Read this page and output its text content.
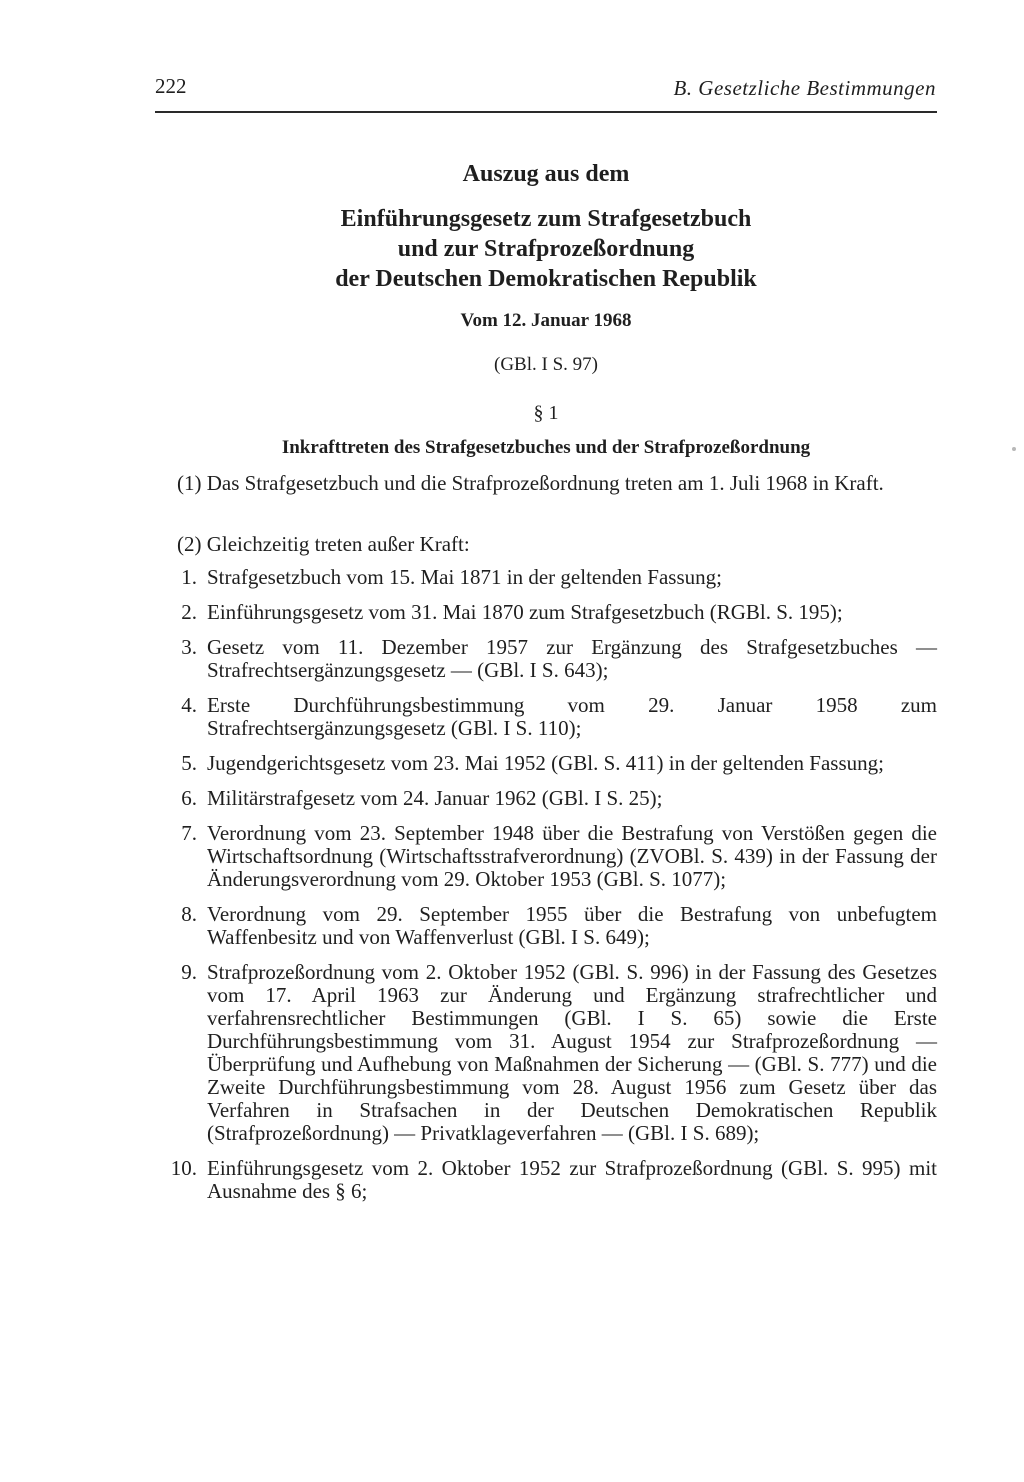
222	B. Gesetzliche Bestimmungen
Auszug aus dem
Einführungsgesetz zum Strafgesetzbuch
und zur Strafprozeßordnung
der Deutschen Demokratischen Republik
Vom 12. Januar 1968
(GBl. I S. 97)
§ 1
Inkrafttreten des Strafgesetzbuches und der Strafprozeßordnung

(1) Das Strafgesetzbuch und die Strafprozeßordnung treten am 1. Juli 1968 in Kraft.

(2) Gleichzeitig treten außer Kraft:

1. Strafgesetzbuch vom 15. Mai 1871 in der geltenden Fassung;
2. Einführungsgesetz vom 31. Mai 1870 zum Strafgesetzbuch (RGBl. S. 195);
3. Gesetz vom 11. Dezember 1957 zur Ergänzung des Strafgesetzbuches — Strafrechtsergänzungsgesetz — (GBl. I S. 643);
4. Erste Durchführungsbestimmung vom 29. Januar 1958 zum Strafrechtsergänzungsgesetz (GBl. I S. 110);
5. Jugendgerichtsgesetz vom 23. Mai 1952 (GBl. S. 411) in der geltenden Fassung;
6. Militärstrafgesetz vom 24. Januar 1962 (GBl. I S. 25);
7. Verordnung vom 23. September 1948 über die Bestrafung von Verstößen gegen die Wirtschaftsordnung (Wirtschaftsstrafverordnung) (ZVOBl. S. 439) in der Fassung der Änderungsverordnung vom 29. Oktober 1953 (GBl. S. 1077);
8. Verordnung vom 29. September 1955 über die Bestrafung von unbefugtem Waffenbesitz und von Waffenverlust (GBl. I S. 649);
9. Strafprozeßordnung vom 2. Oktober 1952 (GBl. S. 996) in der Fassung des Gesetzes vom 17. April 1963 zur Änderung und Ergänzung strafrechtlicher und verfahrensrechtlicher Bestimmungen (GBl. I S. 65) sowie die Erste Durchführungsbestimmung vom 31. August 1954 zur Strafprozeßordnung — Überprüfung und Aufhebung von Maßnahmen der Sicherung — (GBl. S. 777) und die Zweite Durchführungsbestimmung vom 28. August 1956 zum Gesetz über das Verfahren in Strafsachen in der Deutschen Demokratischen Republik (Strafprozeßordnung) — Privatklageverfahren — (GBl. I S. 689);
10. Einführungsgesetz vom 2. Oktober 1952 zur Strafprozeßordnung (GBl. S. 995) mit Ausnahme des § 6;
